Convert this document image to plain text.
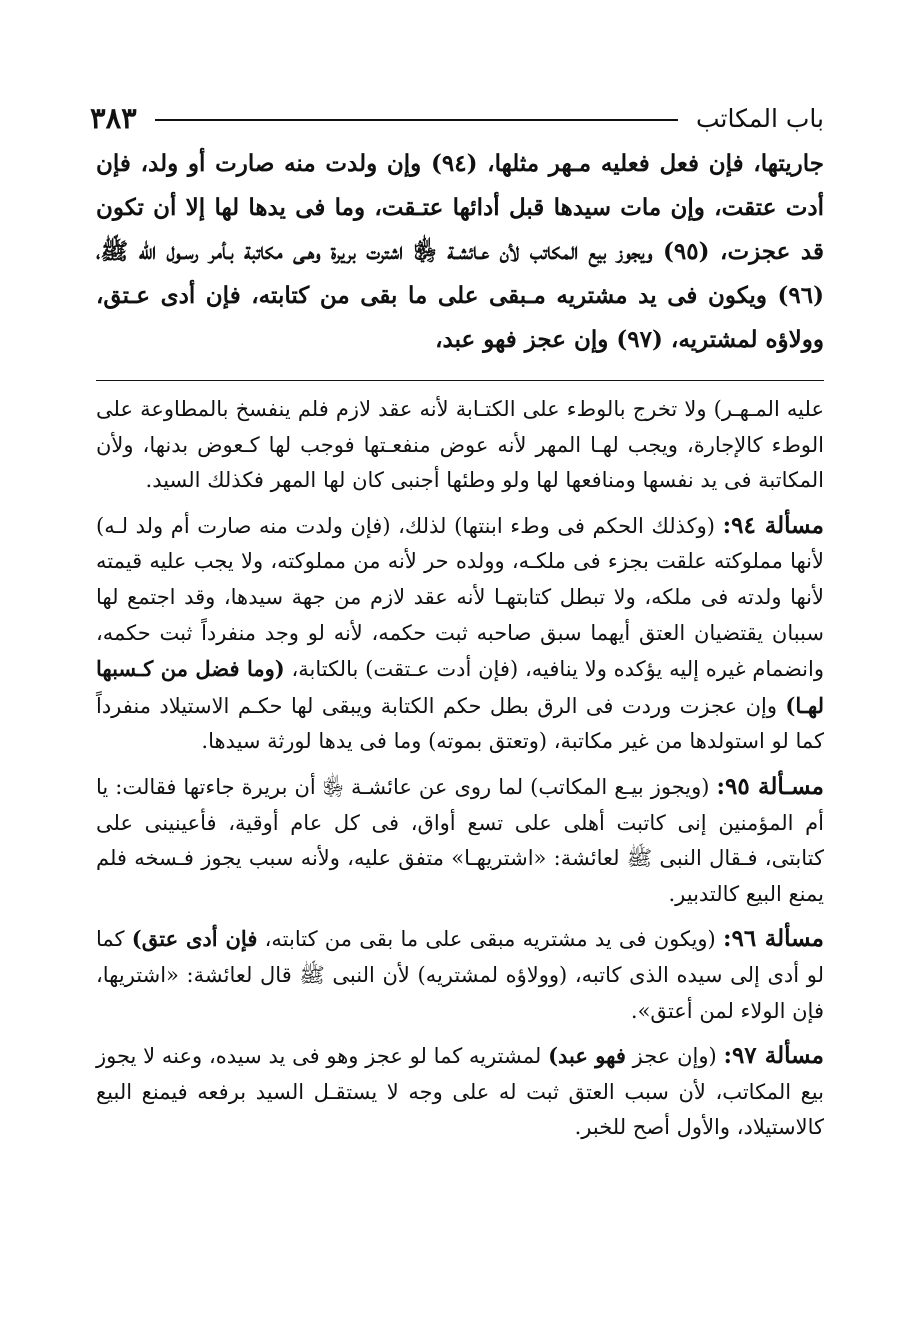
باب المكاتب
٣٨٣

جاريتها، فإن فعل فعليه مـهر مثلها، (٩٤) وإن ولدت منه صارت أو ولد، فإن أدت عتقت، وإن مات سيدها قبل أدائها عتـقت، وما فى يدها لها إلا أن تكون قد عجزت، (٩٥) ويجوز بيع المكاتب لأن عـائشـة ﵂ اشترت بريرة وهـى مكاتبة بـأمر رسـول الله ﷺ، (٩٦) ويكون فى يد مشتريه مـبقى على ما بقى من كتابته، فإن أدى عـتق، وولاؤه لمشتريه، (٩٧) وإن عجز فهو عبد،

عليه المـهـر) ولا تخرج بالوطء على الكتـابة لأنه عقد لازم فلم ينفسخ بالمطاوعة على الوطء كالإجارة، ويجب لهـا المهر لأنه عوض منفعـتها فوجب لها كـعوض بدنها، ولأن المكاتبة فى يد نفسها ومنافعها لها ولو وطئها أجنبى كان لها المهر فكذلك السيد.

مسألة ٩٤: (وكذلك الحكم فى وطء ابنتها) لذلك، (فإن ولدت منه صارت أم ولد لـه) لأنها مملوكته علقت بجزء فى ملكـه، وولده حر لأنه من مملوكته، ولا يجب عليه قيمته لأنها ولدته فى ملكه، ولا تبطل كتابتهـا لأنه عقد لازم من جهة سيدها، وقد اجتمع لها سببان يقتضيان العتق أيهما سبق صاحبه ثبت حكمه، لأنه لو وجد منفرداً ثبت حكمه، وانضمام غيره إليه يؤكده ولا ينافيه، (فإن أدت عـتقت) بالكتابة، (وما فضل من كـسبها لهـا) وإن عجزت وردت فى الرق بطل حكم الكتابة ويبقى لها حكـم الاستيلاد منفرداً كما لو استولدها من غير مكاتبة، (وتعتق بموته) وما فى يدها لورثة سيدها.

مسـألة ٩٥: (ويجوز بيـع المكاتب) لما روى عن عائشـة ﵂ أن بريرة جاءتها فقالت: يا أم المؤمنين إنى كاتبت أهلى على تسع أواق، فى كل عام أوقية، فأعينينى على كتابتى، فـقال النبى ﷺ لعائشة: «اشتريهـا» متفق عليه، ولأنه سبب يجوز فـسخه فلم يمنع البيع كالتدبير.

مسألة ٩٦: (ويكون فى يد مشتريه مبقى على ما بقى من كتابته، فإن أدى عتق) كما لو أدى إلى سيده الذى كاتبه، (وولاؤه لمشتريه) لأن النبى ﷺ قال لعائشة: «اشتريها، فإن الولاء لمن أعتق».

مسألة ٩٧: (وإن عجز فهو عبد) لمشتريه كما لو عجز وهو فى يد سيده، وعنه لا يجوز بيع المكاتب، لأن سبب العتق ثبت له على وجه لا يستقـل السيد برفعه فيمنع البيع كالاستيلاد، والأول أصح للخبر.
